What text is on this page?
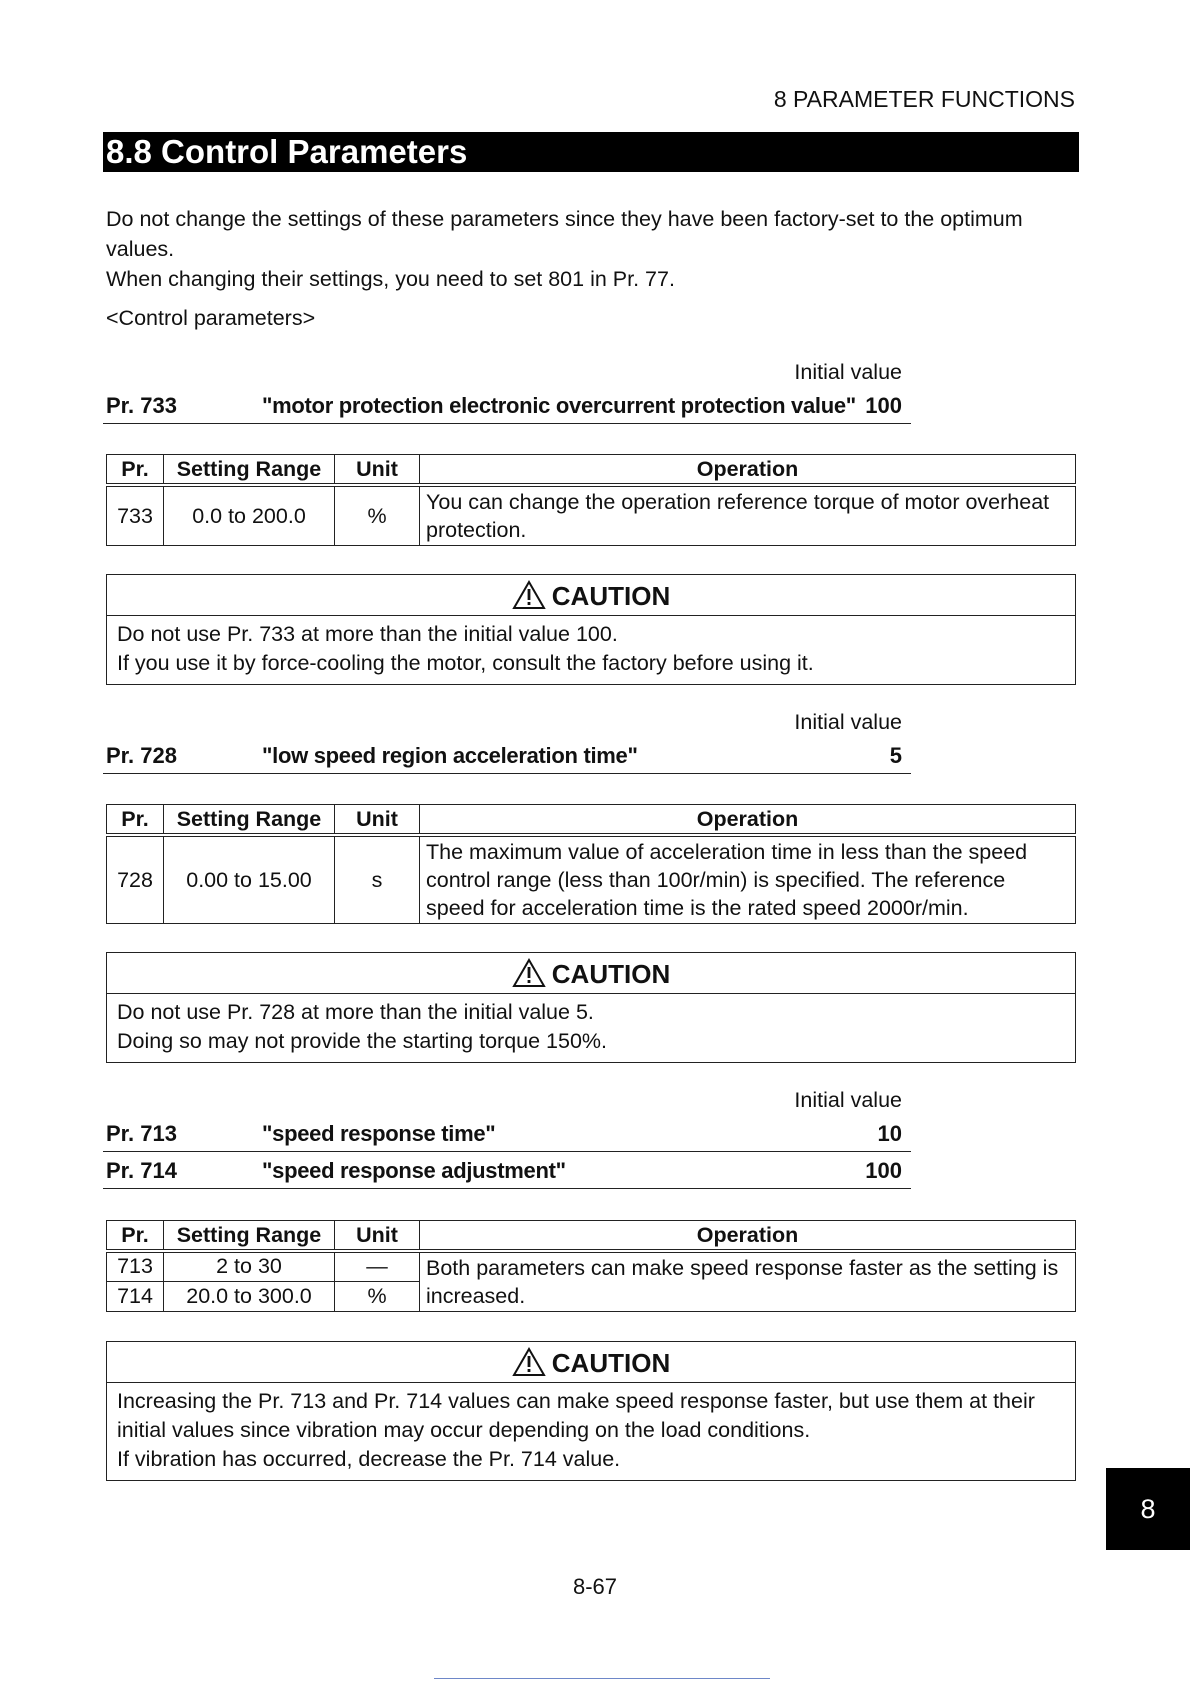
8 PARAMETER FUNCTIONS
8.8 Control Parameters

Do not change the settings of these parameters since they have been factory-set to the optimum values.

When changing their settings, you need to set 801 in Pr. 77.

<Control parameters>
Initial value
Pr. 733	"motor protection electronic overcurrent protection value" 100
Pr.	Setting Range	Unit	Operation
733	0.0 to 200.0	%	You can change the operation reference torque of motor overheat protection.
CAUTION
Do not use Pr. 733 at more than the initial value 100.
If you use it by force-cooling the motor, consult the factory before using it.
Initial value
Pr. 728	"low speed region acceleration time"	5
Pr.	Setting Range	Unit	Operation
728	0.00 to 15.00	s	The maximum value of acceleration time in less than the speed control range (less than 100r/min) is specified. The reference speed for acceleration time is the rated speed 2000r/min.
CAUTION
Do not use Pr. 728 at more than the initial value 5.
Doing so may not provide the starting torque 150%.
Initial value
Pr. 713	"speed response time"	10
Pr. 714	"speed response adjustment"	100
Pr.	Setting Range	Unit	Operation
713	2 to 30	—	Both parameters can make speed response faster as the setting is increased.
714	20.0 to 300.0	%	
CAUTION
Increasing the Pr. 713 and Pr. 714 values can make speed response faster, but use them at their initial values since vibration may occur depending on the load conditions.
If vibration has occurred, decrease the Pr. 714 value.
8
8-67
